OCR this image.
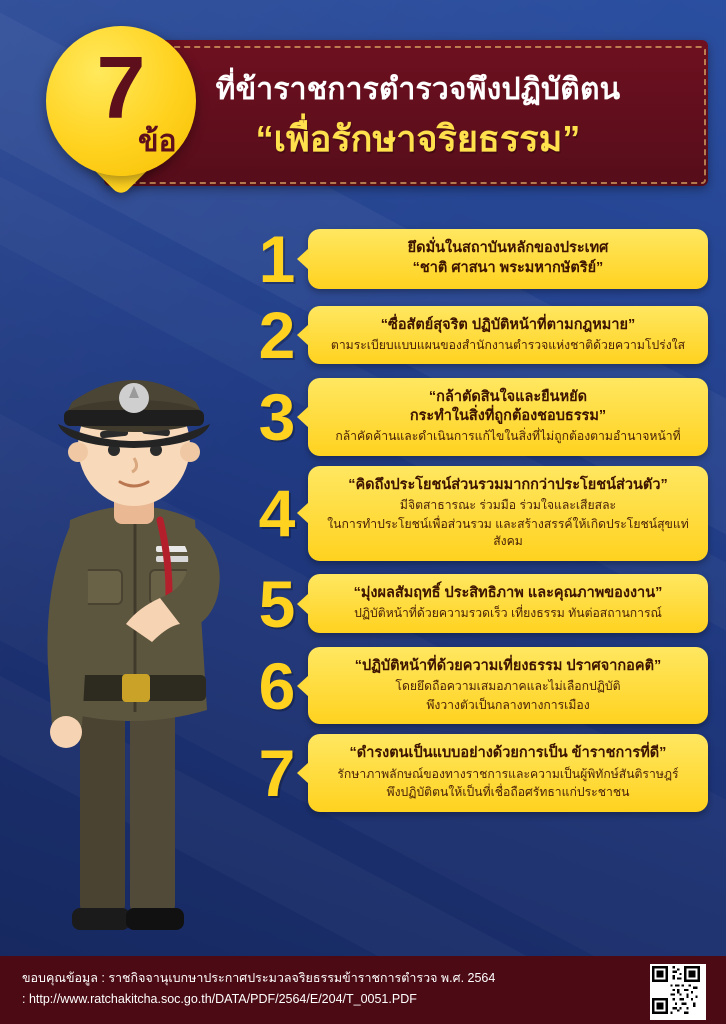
ที่ข้าราชการตำรวจพึงปฏิบัติตน
“เพื่อรักษาจริยธรรม”
7
ข้อ
1	ยึดมั่นในสถาบันหลักของประเทศ
“ชาติ ศาสนา พระมหากษัตริย์”
2	“ซื่อสัตย์สุจริต ปฏิบัติหน้าที่ตามกฎหมาย”
ตามระเบียบแบบแผนของสำนักงานตำรวจแห่งชาติด้วยความโปร่งใส
3	“กล้าตัดสินใจและยืนหยัด
กระทำในสิ่งที่ถูกต้องชอบธรรม”
กล้าคัดค้านและดำเนินการแก้ไขในสิ่งที่ไม่ถูกต้องตามอำนาจหน้าที่
4	“คิดถึงประโยชน์ส่วนรวมมากกว่าประโยชน์ส่วนตัว”
มีจิตสาธารณะ ร่วมมือ ร่วมใจและเสียสละ
ในการทำประโยชน์เพื่อส่วนรวม และสร้างสรรค์ให้เกิดประโยชน์สุขแท่สังคม
5	“มุ่งผลสัมฤทธิ์ ประสิทธิภาพ และคุณภาพของงาน”
ปฏิบัติหน้าที่ด้วยความรวดเร็ว เที่ยงธรรม ทันต่อสถานการณ์
6	“ปฏิบัติหน้าที่ด้วยความเที่ยงธรรม ปราศจากอคติ”
โดยยึดถือความเสมอภาคและไม่เลือกปฏิบัติ
พึงวางตัวเป็นกลางทางการเมือง
7	“ดำรงตนเป็นแบบอย่างด้วยการเป็น ข้าราชการที่ดี”
รักษาภาพลักษณ์ของทางราชการและความเป็นผู้พิทักษ์สันติราษฎร์
พึงปฏิบัติตนให้เป็นที่เชื่อถือศรัทธาแก่ประชาชน
ขอบคุณข้อมูล : ราชกิจจานุเบกษาประกาศประมวลจริยธรรมข้าราชการตำรวจ พ.ศ. 2564
: http://www.ratchakitcha.soc.go.th/DATA/PDF/2564/E/204/T_0051.PDF
